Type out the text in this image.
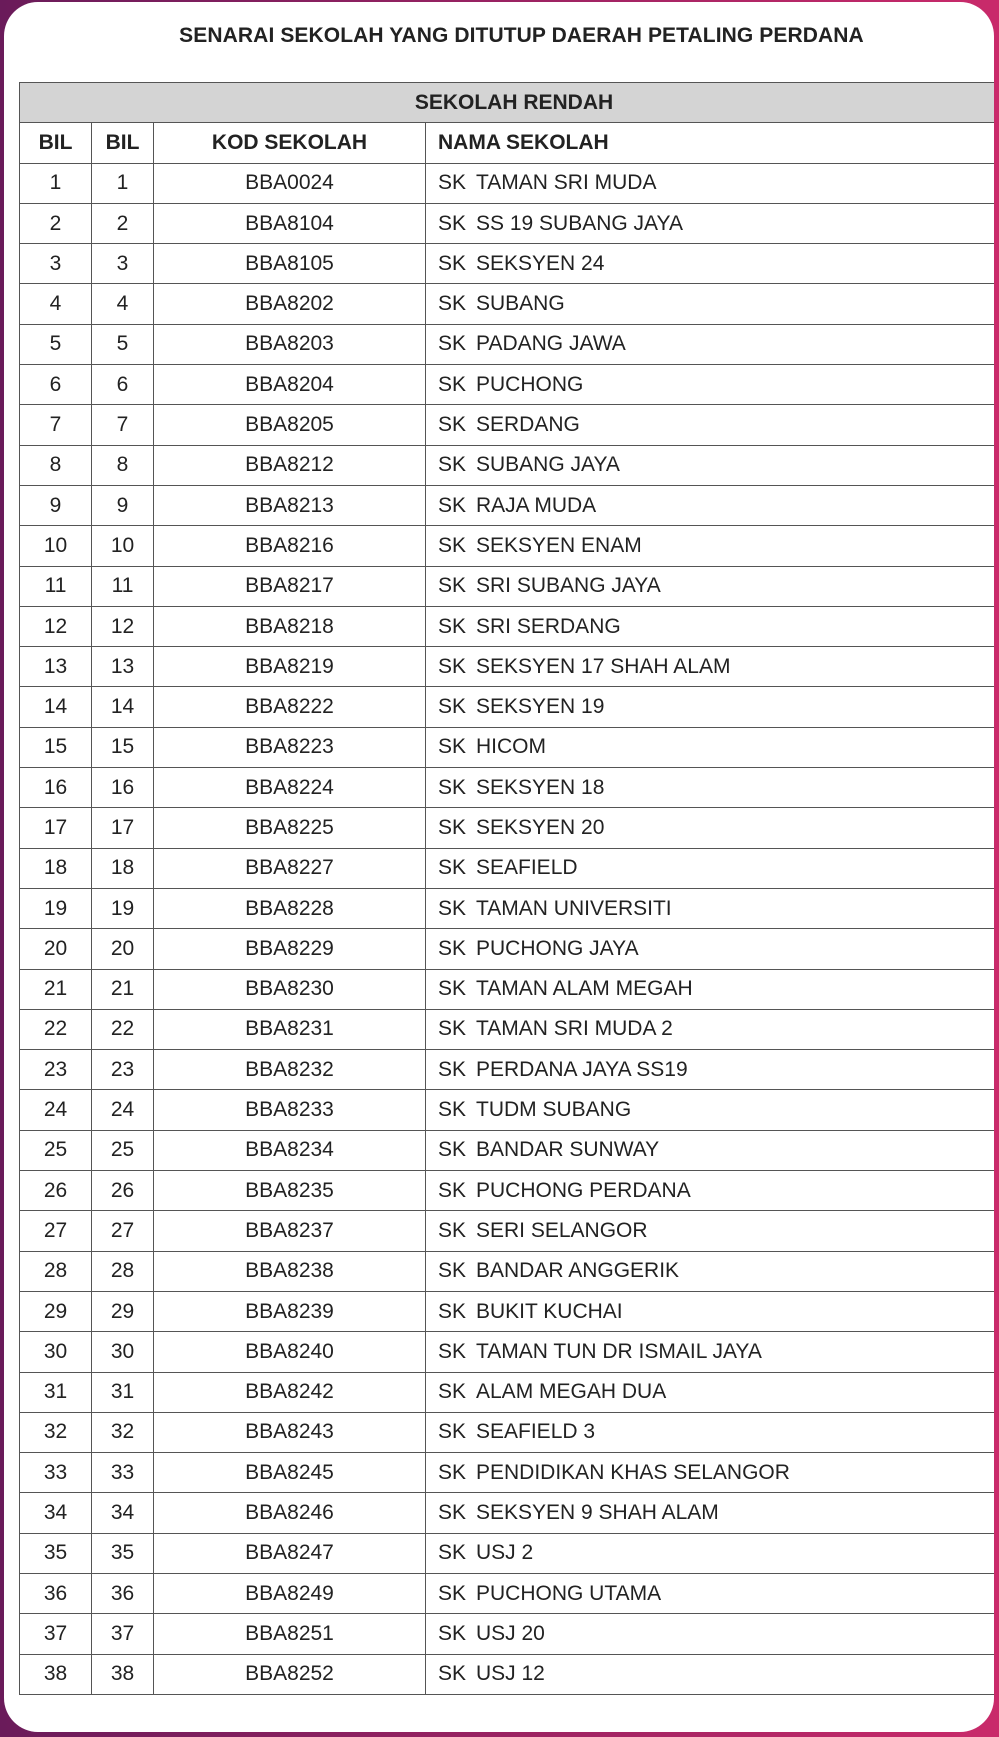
SENARAI SEKOLAH YANG DITUTUP DAERAH PETALING PERDANA
SEKOLAH RENDAH			
BIL	BIL	KOD SEKOLAH	NAMA SEKOLAH
1	1	BBA0024	SK TAMAN SRI MUDA
2	2	BBA8104	SK SS 19 SUBANG JAYA
3	3	BBA8105	SK SEKSYEN 24
4	4	BBA8202	SK SUBANG
5	5	BBA8203	SK PADANG JAWA
6	6	BBA8204	SK PUCHONG
7	7	BBA8205	SK SERDANG
8	8	BBA8212	SK SUBANG JAYA
9	9	BBA8213	SK RAJA MUDA
10	10	BBA8216	SK SEKSYEN ENAM
11	11	BBA8217	SK SRI SUBANG JAYA
12	12	BBA8218	SK SRI SERDANG
13	13	BBA8219	SK SEKSYEN 17 SHAH ALAM
14	14	BBA8222	SK SEKSYEN 19
15	15	BBA8223	SK HICOM
16	16	BBA8224	SK SEKSYEN 18
17	17	BBA8225	SK SEKSYEN 20
18	18	BBA8227	SK SEAFIELD
19	19	BBA8228	SK TAMAN UNIVERSITI
20	20	BBA8229	SK PUCHONG JAYA
21	21	BBA8230	SK TAMAN ALAM MEGAH
22	22	BBA8231	SK TAMAN SRI MUDA 2
23	23	BBA8232	SK PERDANA JAYA SS19
24	24	BBA8233	SK TUDM SUBANG
25	25	BBA8234	SK BANDAR SUNWAY
26	26	BBA8235	SK PUCHONG PERDANA
27	27	BBA8237	SK SERI SELANGOR
28	28	BBA8238	SK BANDAR ANGGERIK
29	29	BBA8239	SK BUKIT KUCHAI
30	30	BBA8240	SK TAMAN TUN DR ISMAIL JAYA
31	31	BBA8242	SK ALAM MEGAH DUA
32	32	BBA8243	SK SEAFIELD 3
33	33	BBA8245	SK PENDIDIKAN KHAS SELANGOR
34	34	BBA8246	SK SEKSYEN 9 SHAH ALAM
35	35	BBA8247	SK USJ 2
36	36	BBA8249	SK PUCHONG UTAMA
37	37	BBA8251	SK USJ 20
38	38	BBA8252	SK USJ 12
